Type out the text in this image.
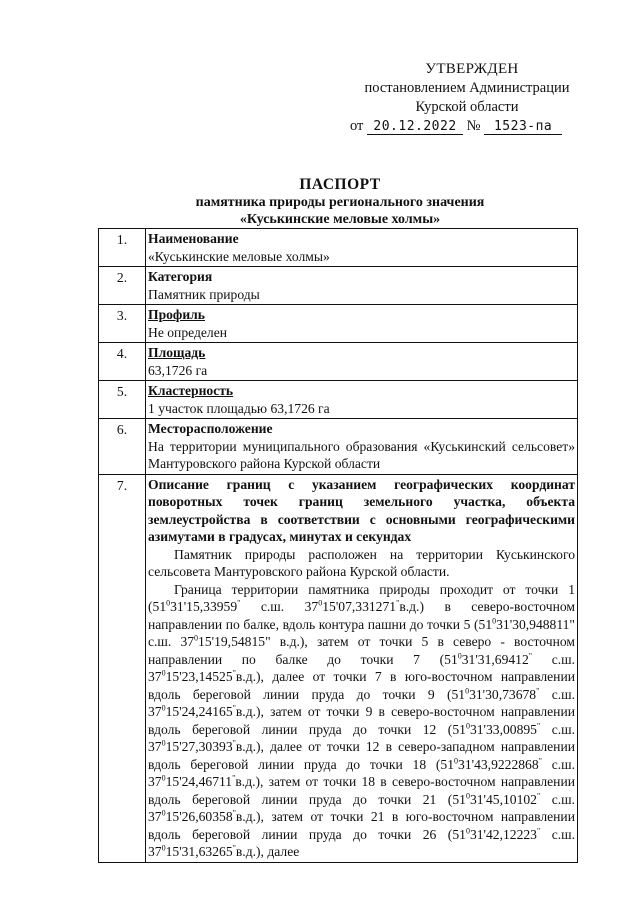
УТВЕРЖДЕН
постановлением Администрации
Курской области
от 20.12.2022 № 1523-па
ПАСПОРТ
памятника природы регионального значения
«Куськинские меловые холмы»
1.	Наименование
«Куськинские меловые холмы»

2.	Категория
Памятник природы

3.	Профиль
Не определен

4.	Площадь
63,1726 га

5.	Кластерность
1 участок площадью 63,1726 га

6.	Месторасположение
На территории муниципального образования «Куськинский сельсовет» Мантуровского района Курской области

7.	Описание границ с указанием географических координат поворотных точек границ земельного участка, объекта землеустройства в соответствии с основными географическими азимутами в градусах, минутах и секундах
Памятник природы расположен на территории Куськинского сельсовета Мантуровского района Курской области.
Граница территории памятника природы проходит от точки 1 ($51^031'15,33959^"$ с.ш. $37^015'07,331271^"в.д$.) в северо-восточном направлении по балке, вдоль контура пашни до точки 5 ($51^031'30,948811$" с.ш. $37^015'19,54815$" в.д.), затем от точки 5 в северо - восточном направлении по балке до точки 7 ($51^031'31,69412^"$ с.ш. $37^015'23,14525^"в.д$.), далее от точки 7 в юго-восточном направлении вдоль береговой линии пруда до точки 9 ($51^031'30,73678^"$ с.ш. $37^015'24,24165^"в.д$.), затем от точки 9 в северо-восточном направлении вдоль береговой линии пруда до точки 12 ($51^031'33,00895^"$ с.ш. $37^015'27,30393^"в.д$.), далее от точки 12 в северо-западном направлении вдоль береговой линии пруда до точки 18 ($51^031'43,9222868^"$ с.ш. $37^015'24,46711^"в.д$.), затем от точки 18 в северо-восточном направлении вдоль береговой линии пруда до точки 21 ($51^031'45,10102^"$ с.ш. $37^015'26,60358^"в.д$.), затем от точки 21 в юго-восточном направлении вдоль береговой линии пруда до точки 26 ($51^031'42,12223^"$ с.ш. $37^015'31,63265^"в.д$.), далее
